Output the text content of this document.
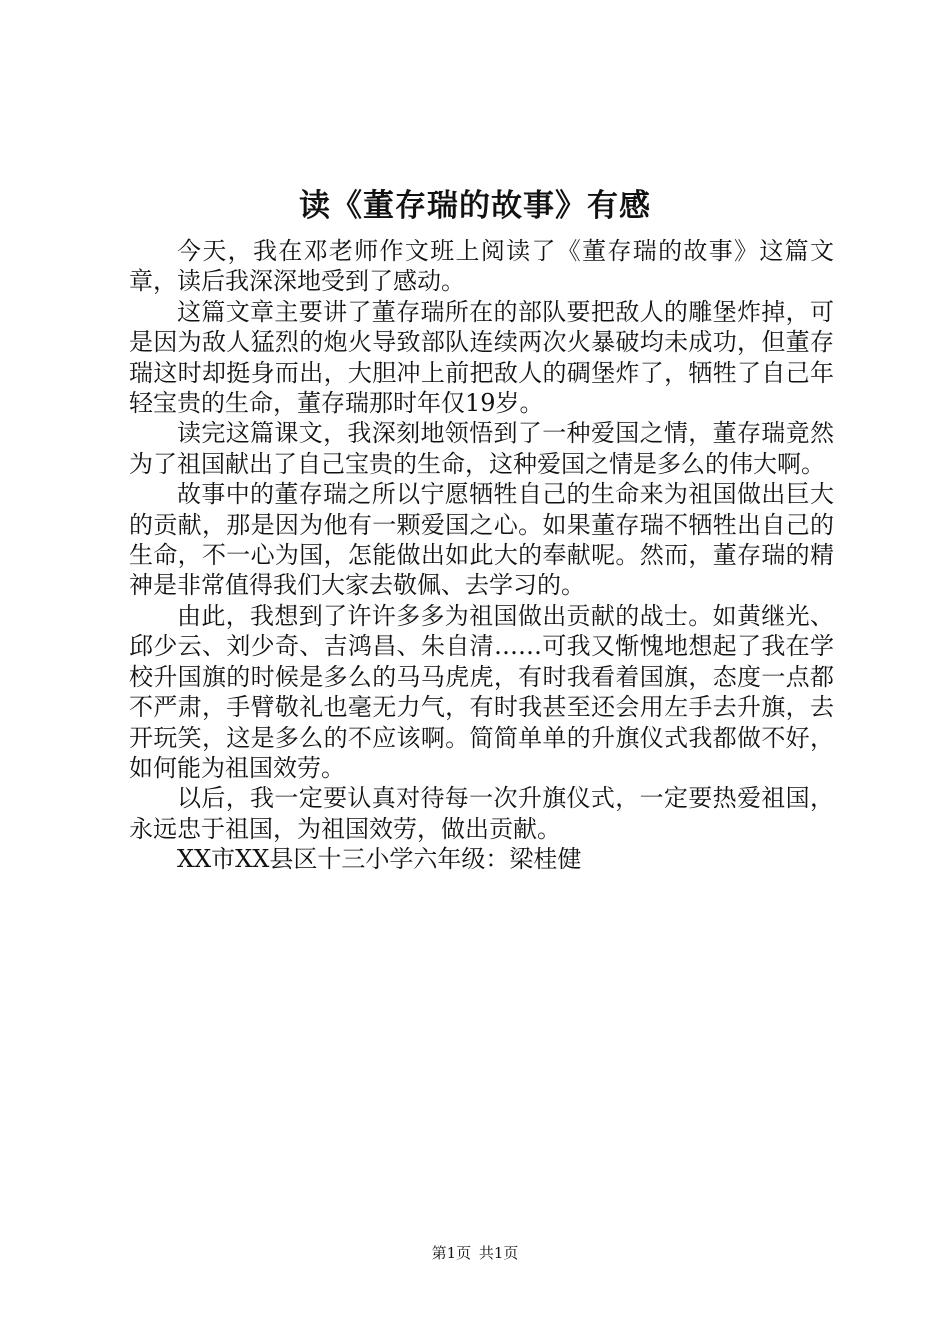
读《董存瑞的故事》有感

今天，我在邓老师作文班上阅读了《董存瑞的故事》这篇文章，读后我深深地受到了感动。

这篇文章主要讲了董存瑞所在的部队要把敌人的雕堡炸掉，可是因为敌人猛烈的炮火导致部队连续两次火暴破均未成功，但董存瑞这时却挺身而出，大胆冲上前把敌人的碉堡炸了，牺牲了自己年轻宝贵的生命，董存瑞那时年仅19岁。

读完这篇课文，我深刻地领悟到了一种爱国之情，董存瑞竟然为了祖国献出了自己宝贵的生命，这种爱国之情是多么的伟大啊。

故事中的董存瑞之所以宁愿牺牲自己的生命来为祖国做出巨大的贡献，那是因为他有一颗爱国之心。如果董存瑞不牺牲出自己的生命，不一心为国，怎能做出如此大的奉献呢。然而，董存瑞的精神是非常值得我们大家去敬佩、去学习的。

由此，我想到了许许多多为祖国做出贡献的战士。如黄继光、邱少云、刘少奇、吉鸿昌、朱自清……可我又惭愧地想起了我在学校升国旗的时候是多么的马马虎虎，有时我看着国旗，态度一点都不严肃，手臂敬礼也毫无力气，有时我甚至还会用左手去升旗，去开玩笑，这是多么的不应该啊。简简单单的升旗仪式我都做不好，如何能为祖国效劳。

以后，我一定要认真对待每一次升旗仪式，一定要热爱祖国，永远忠于祖国，为祖国效劳，做出贡献。

XX市XX县区十三小学六年级：梁桂健

第1页 共1页
